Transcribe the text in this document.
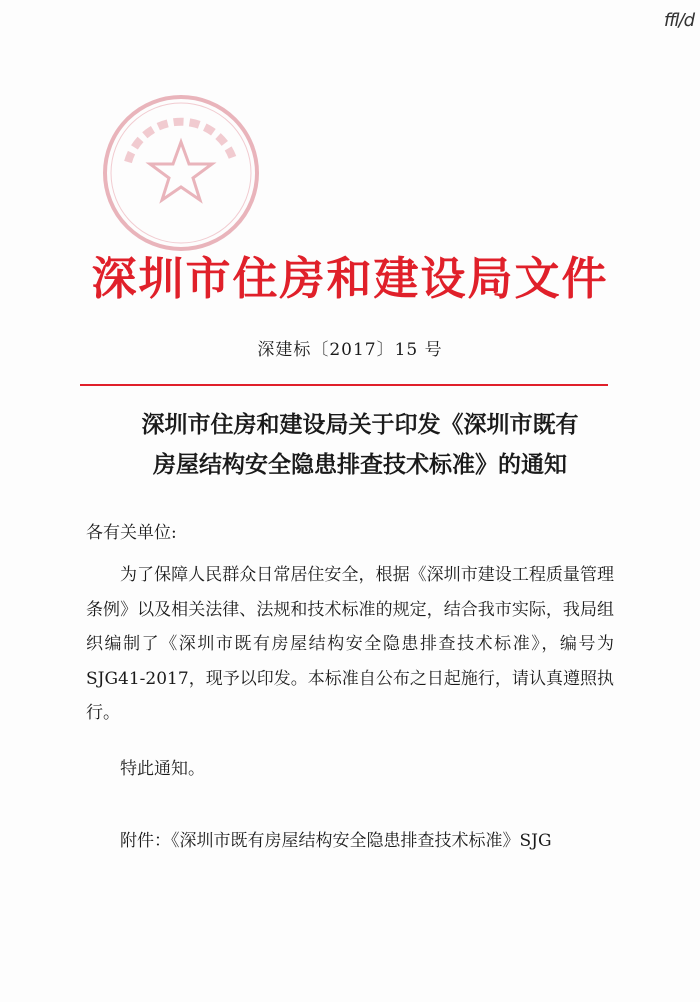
ffl/d
深圳市住房和建设局文件
深建标〔2017〕15 号
深圳市住房和建设局关于印发《深圳市既有
房屋结构安全隐患排查技术标准》的通知
各有关单位:
为了保障人民群众日常居住安全，根据《深圳市建设工程质量管理条例》以及相关法律、法规和技术标准的规定，结合我市实际，我局组织编制了《深圳市既有房屋结构安全隐患排查技术标准》，编号为 SJG41-2017，现予以印发。本标准自公布之日起施行，请认真遵照执行。
特此通知。
附件：《深圳市既有房屋结构安全隐患排查技术标准》SJG
